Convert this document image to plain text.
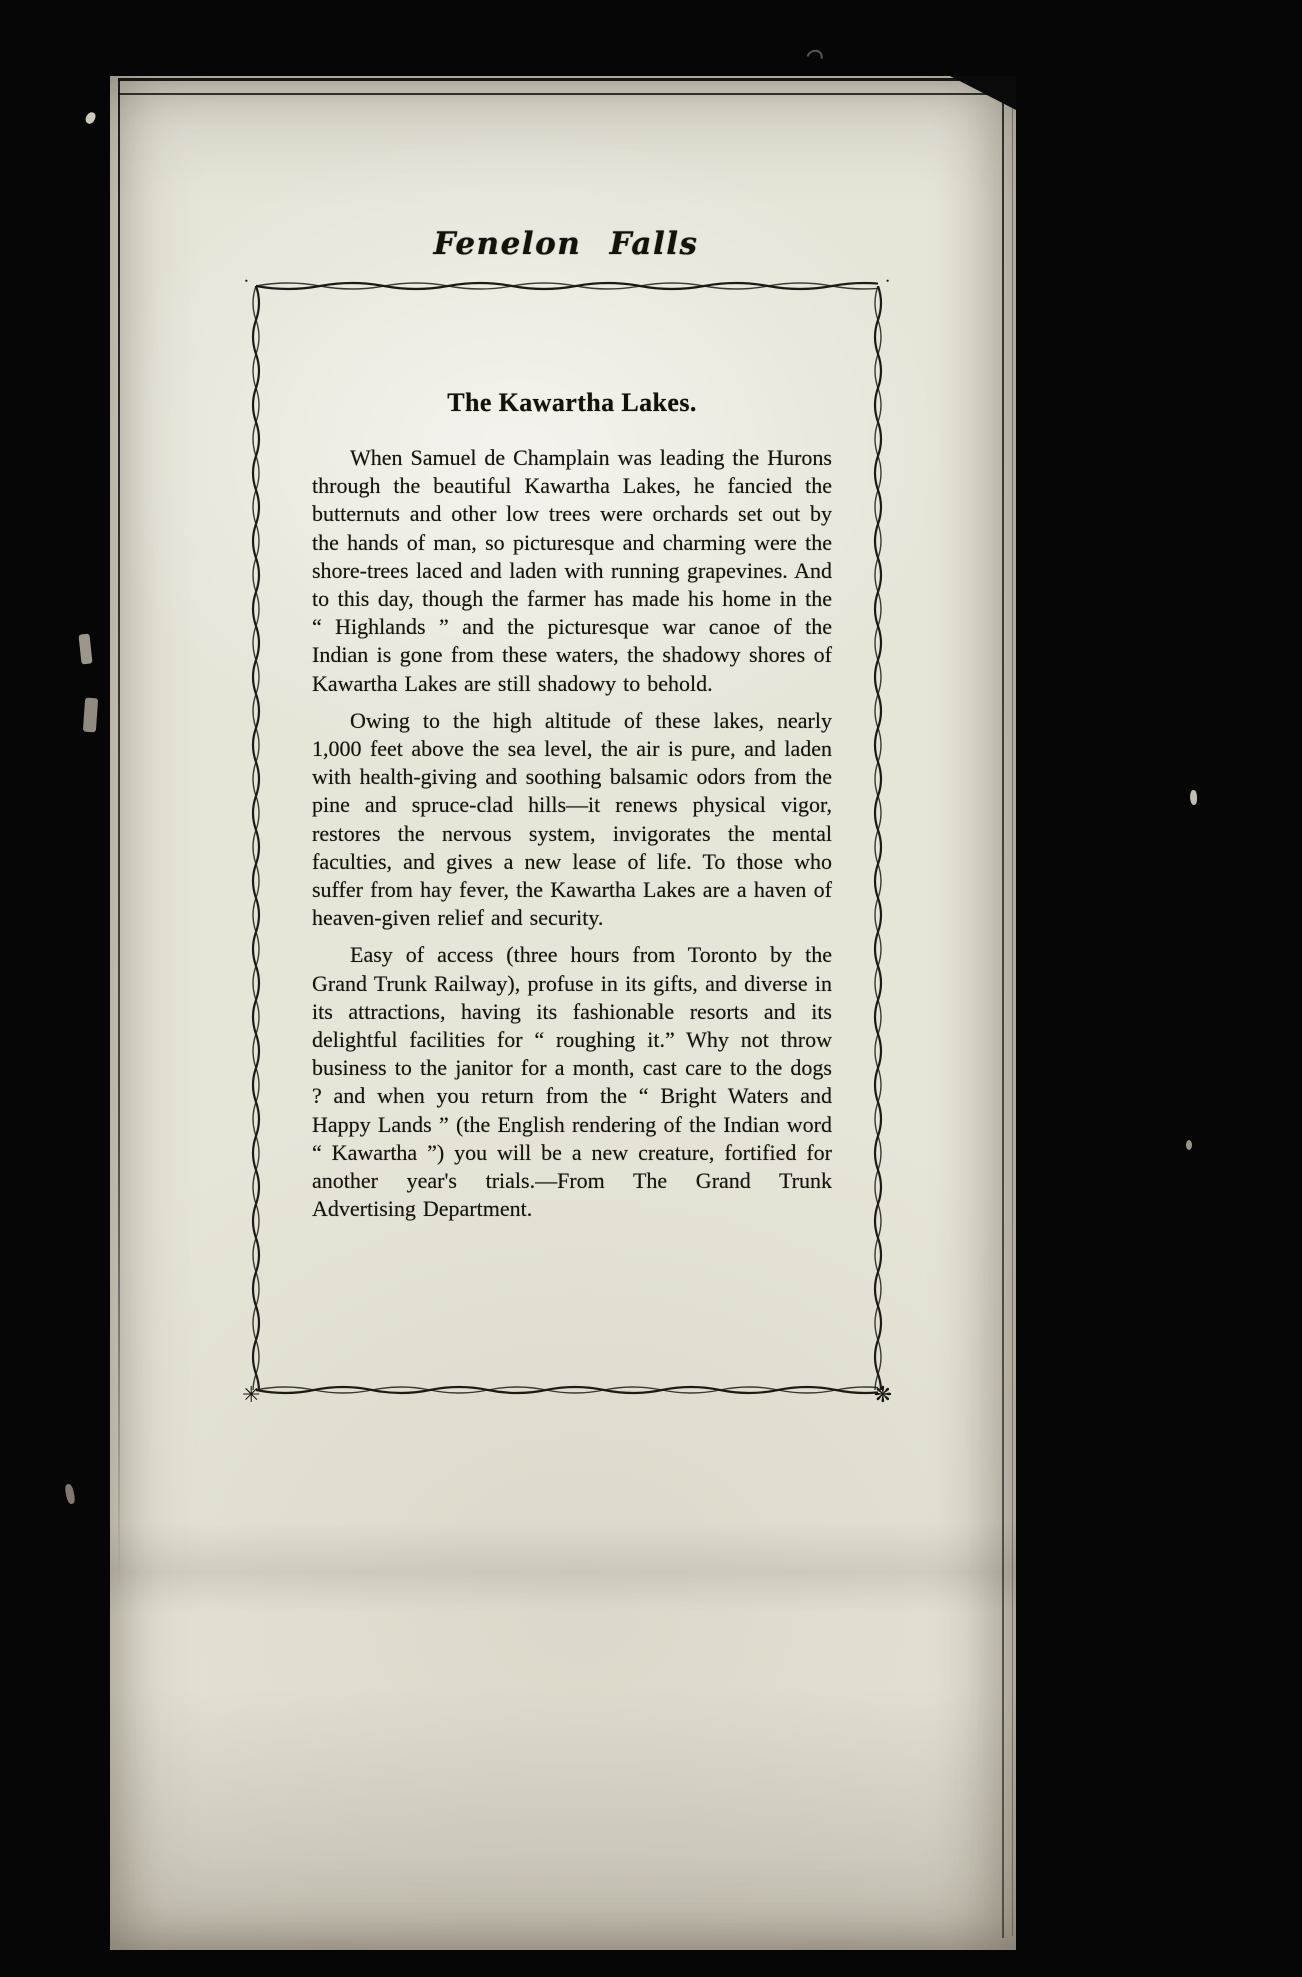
Fenelon Falls
∙	∙
✳	❋
The Kawartha Lakes.

When Samuel de Champlain was leading the Hurons through the beautiful Kawartha Lakes, he fancied the butternuts and other low trees were orchards set out by the hands of man, so picturesque and charming were the shore-trees laced and laden with running grapevines. And to this day, though the farmer has made his home in the “ Highlands ” and the picturesque war canoe of the Indian is gone from these waters, the shadowy shores of Kawartha Lakes are still shadowy to behold.

Owing to the high altitude of these lakes, nearly 1,000 feet above the sea level, the air is pure, and laden with health-giving and soothing balsamic odors from the pine and spruce-clad hills—it renews physical vigor, restores the nervous system, invigorates the mental faculties, and gives a new lease of life. To those who suffer from hay fever, the Kawartha Lakes are a haven of heaven-given relief and security.

Easy of access (three hours from Toronto by the Grand Trunk Railway), profuse in its gifts, and diverse in its attractions, having its fashionable resorts and its delightful facilities for “ roughing it.” Why not throw business to the janitor for a month, cast care to the dogs ? and when you return from the “ Bright Waters and Happy Lands ” (the English rendering of the Indian word “ Kawartha ”) you will be a new creature, fortified for another year's trials.—From The Grand Trunk Advertising Department.
